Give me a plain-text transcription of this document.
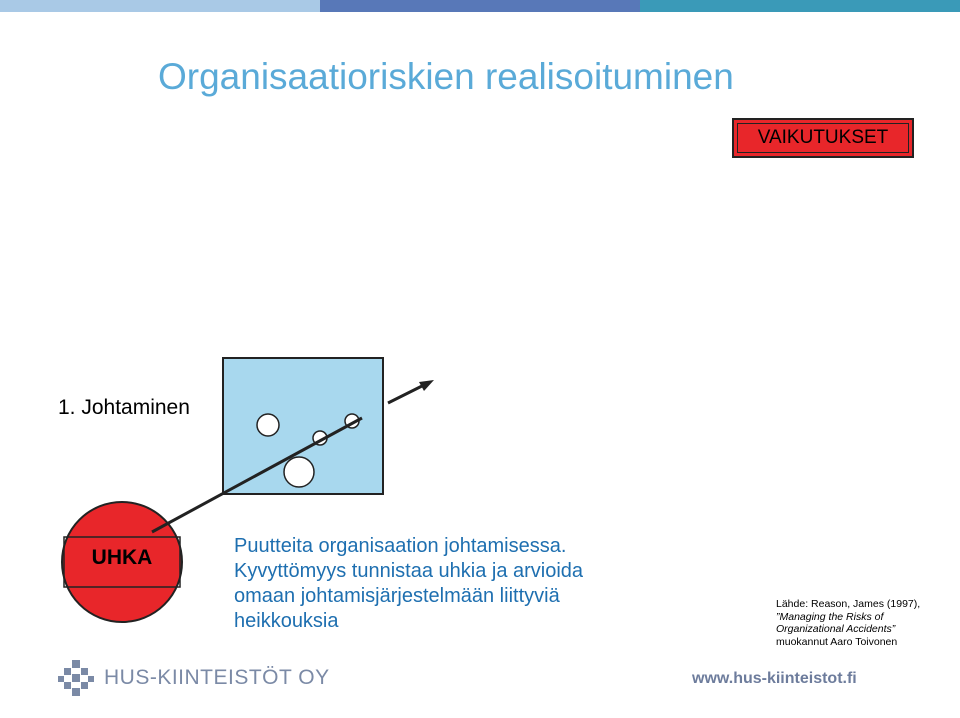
Organisaatioriskien realisoituminen
VAIKUTUKSET
1. Johtaminen
UHKA	Puutteita organisaation johtamisessa. Kyvyttömyys tunnistaa uhkia ja arvioida omaan johtamisjärjestelmään liittyviä heikkouksia
Lähde: Reason, James (1997), ”Managing the Risks of Organizational Accidents” muokannut Aaro Toivonen
HUS-KIINTEISTÖT OY	www.hus-kiinteistot.fi
